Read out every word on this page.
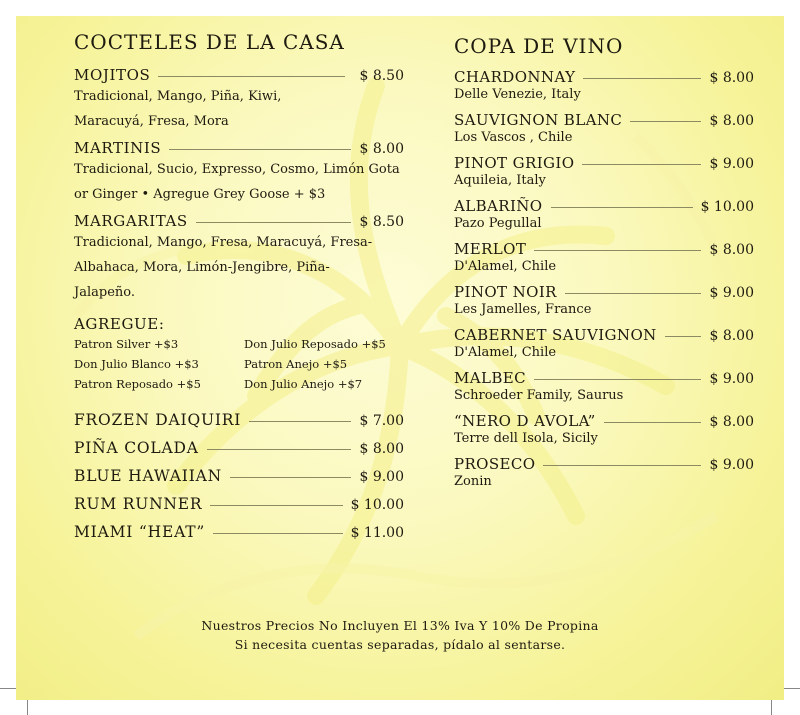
COCTELES DE LA CASA
MOJITOS	$ 8.50
Tradicional, Mango, Piña, Kiwi, Maracuyá, Fresa, Mora
MARTINIS	$ 8.00
Tradicional, Sucio, Expresso, Cosmo, Limón Gota or Ginger • Agregue Grey Goose + $3
MARGARITAS	$ 8.50
Tradicional, Mango, Fresa, Maracuyá, Fresa-Albahaca, Mora, Limón-Jengibre, Piña-Jalapeño.
AGREGUE:
Patron Silver +$3	Don Julio Reposado +$5
Don Julio Blanco +$3	Patron Anejo +$5
Patron Reposado +$5	Don Julio Anejo +$7
FROZEN DAIQUIRI	$ 7.00
PIÑA COLADA	$ 8.00
BLUE HAWAIIAN	$ 9.00
RUM RUNNER	$ 10.00
MIAMI “HEAT”	$ 11.00
COPA DE VINO
CHARDONNAY	$ 8.00
Delle Venezie, Italy
SAUVIGNON BLANC	$ 8.00
Los Vascos , Chile
PINOT GRIGIO	$ 9.00
Aquileia, Italy
ALBARIÑO	$ 10.00
Pazo Pegullal
MERLOT	$ 8.00
D'Alamel, Chile
PINOT NOIR	$ 9.00
Les Jamelles, France
CABERNET SAUVIGNON	$ 8.00
D'Alamel, Chile
MALBEC	$ 9.00
Schroeder Family, Saurus
“NERO D AVOLA”	$ 8.00
Terre dell Isola, Sicily
PROSECO	$ 9.00
Zonin
Nuestros Precios No Incluyen El 13% Iva Y 10% De Propina
Si necesita cuentas separadas, pídalo al sentarse.
